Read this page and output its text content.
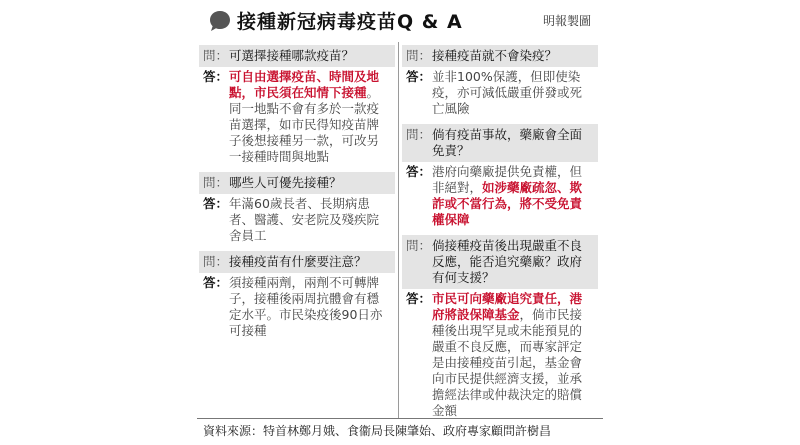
接種新冠病毒疫苗Q & A	明報製圖
問： 可選擇接種哪款疫苗？
答： 可自由選擇疫苗、時間及地點，市民須在知情下接種。同一地點不會有多於一款疫苗選擇，如市民得知疫苗牌子後想接種另一款，可改另一接種時間與地點
問： 哪些人可優先接種？
答： 年滿60歲長者、長期病患者、醫護、安老院及殘疾院舍員工
問： 接種疫苗有什麼要注意？
答： 須接種兩劑，兩劑不可轉牌子，接種後兩周抗體會有穩定水平。市民染疫後90日亦可接種
問： 接種疫苗就不會染疫？
答： 並非100%保護，但即使染疫，亦可減低嚴重併發或死亡風險
問： 倘有疫苗事故，藥廠會全面免責？
答： 港府向藥廠提供免責權，但非絕對，如涉藥廠疏忽、欺詐或不當行為，將不受免責權保障
問： 倘接種疫苗後出現嚴重不良反應，能否追究藥廠？政府有何支援？
答： 市民可向藥廠追究責任，港府將設保障基金，倘市民接種後出現罕見或未能預見的嚴重不良反應，而專家評定是由接種疫苗引起，基金會向市民提供經濟支援，並承擔經法律或仲裁決定的賠償金額
資料來源：特首林鄭月娥、食衞局長陳肇始、政府專家顧問許樹昌
